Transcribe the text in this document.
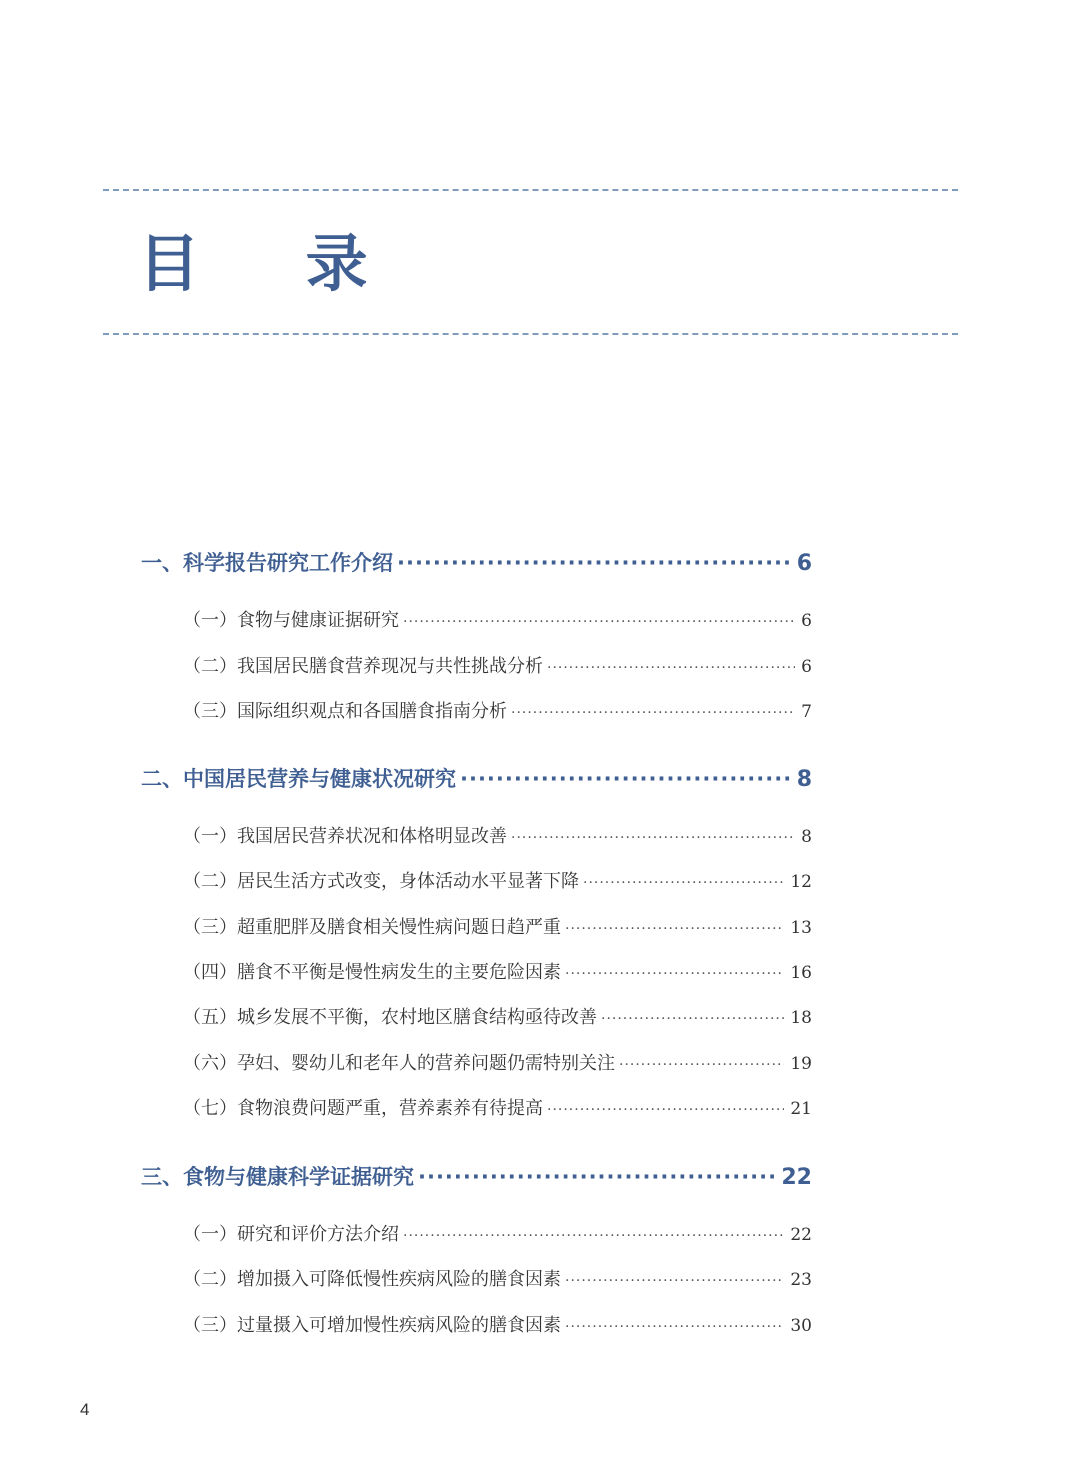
目 录
一、科学报告研究工作介绍 ·····	6
（一）食物与健康证据研究 ·····	6
（二）我国居民膳食营养现况与共性挑战分析 ·····	6
（三）国际组织观点和各国膳食指南分析 ·····	7
二、中国居民营养与健康状况研究 ·····	8
（一）我国居民营养状况和体格明显改善 ·····	8
（二）居民生活方式改变，身体活动水平显著下降 ·····	12
（三）超重肥胖及膳食相关慢性病问题日趋严重 ·····	13
（四）膳食不平衡是慢性病发生的主要危险因素 ·····	16
（五）城乡发展不平衡，农村地区膳食结构亟待改善 ·····	18
（六）孕妇、婴幼儿和老年人的营养问题仍需特别关注 ·····	19
（七）食物浪费问题严重，营养素养有待提高 ·····	21
三、食物与健康科学证据研究 ·····	22
（一）研究和评价方法介绍 ·····	22
（二）增加摄入可降低慢性疾病风险的膳食因素 ·····	23
（三）过量摄入可增加慢性疾病风险的膳食因素 ·····	30
4
